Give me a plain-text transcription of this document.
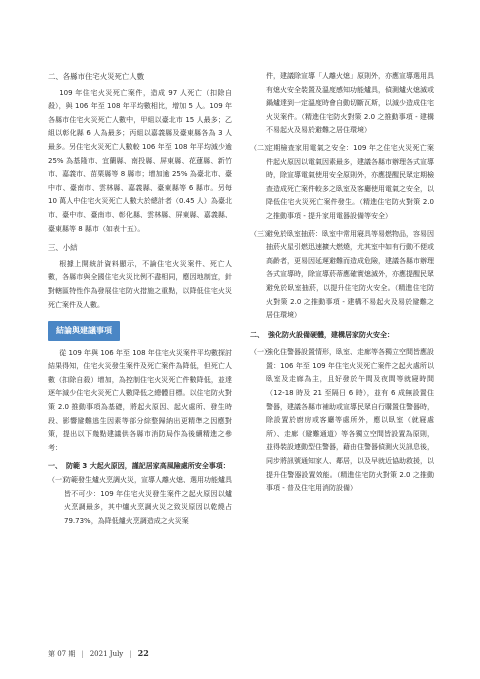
二、各縣市住宅火災死亡人數

109 年住宅火災死亡案件，造成 97 人死亡（扣除自殺），與 106 年至 108 年平均數相比，增加 5 人。109 年各縣市住宅火災死亡人數中，甲組以臺北市 15 人最多；乙組以彰化縣 6 人為最多；丙組以嘉義縣及臺東縣各為 3 人最多。另住宅火災死亡人數較 106 年至 108 年平均減少逾 25% 為基隆市、宜蘭縣、南投縣、屏東縣、花蓮縣、新竹市、嘉義市、苗栗縣等 8 縣市；增加逾 25% 為臺北市、臺中市、臺南市、雲林縣、嘉義縣、臺東縣等 6 縣市。另每 10 萬人中住宅火災死亡人數大於總計者（0.45 人）為臺北市、臺中市、臺南市、彰化縣、雲林縣、屏東縣、嘉義縣、臺東縣等 8 縣市（如表十五）。

三、小結

根據上開統計資料顯示，不論住宅火災案件、死亡人數，各縣市與全國住宅火災比例不盡相同，應因地制宜，針對轄區特性作為發展住宅防火措施之重點，以降低住宅火災死亡案件及人數。

結論與建議事項

從 109 年與 106 年至 108 年住宅火災案件平均數探討結果得知，住宅火災發生案件及死亡案件為降低，但死亡人數（扣除自殺）增加，為控制住宅火災死亡件數降低，並達逐年減少住宅火災死亡人數降低之總體目標。以住宅防火對策 2.0 推動事項為基礎，將起火原因、起火處所、發生時段、影響避難逃生因素等部分綜整歸納出更精準之因應對策，提出以下幾點建議供各縣市消防局作為後續精進之參考：

一、 防範 3 大起火原因，謹記居家高風險處所安全事項：
（一）
防範發生爐火烹調火災，宣導人離火熄、選用功能爐具皆不可少：109 年住宅火災發生案件之起火原因以爐火烹調最多，其中爐火烹調火災之致災原因以乾燒占 79.73%，為降低爐火烹調造成之火災案
件，建議除宣導「人離火熄」原則外，亦應宣導選用具有熄火安全裝置及溫度感知功能爐具，偵測爐火熄滅或鍋爐達到一定溫度時會自動切斷瓦斯，以減少造成住宅火災案件。（精進住宅防火對策 2.0 之推動事項 - 建構不易起火及易於避難之居住環境）
（二）
定期檢查家用電氣之安全：109 年之住宅火災死亡案件起火原因以電氣因素最多，建議各縣市辦理各式宣導時，除宣導電氣使用安全原則外，亦應提醒民眾定期檢查造成死亡案件較多之臥室及客廳使用電氣之安全，以降低住宅火災死亡案件發生。（精進住宅防火對策 2.0 之推動事項 - 提升家用電器設備等安全）
（三）
避免於臥室抽菸：臥室中常用寢具等易燃物品，容易因抽菸火星引燃迅速擴大燃燒，尤其室中如有行動不便或高齡者，更易因延遲避難而造成危險，建議各縣市辦理各式宣導時，除宣導菸蒂應確實熄滅外，亦應提醒民眾避免於臥室抽菸，以提升住宅防火安全。（精進住宅防火對策 2.0 之推動事項 - 建構不易起火及易於避難之居住環境）
二、 強化防火設備硬體，建構居家防火安全：
（一）
強化住警器設置情形，臥室、走廊等各獨立空間皆應設置：106 年至 109 年住宅火災死亡案件之起火處所以臥室及走廊為主，且好發於午間及夜間等就寢時間（12-18 時及 21 至隔日 6 時），並有 6 成無設置住警器，建議各縣市補助或宣導民眾自行購置住警器時，除設置於廚房或客廳等處所外，應以臥室（就寢處所）、走廊（避難通道）等各獨立空間皆設置為原則，並得裝設連動型住警器，藉由住警器偵測火災訊息後，同步將訊號通知家人、鄰居，以及早就近協助救援，以提升住警器設置效能。（精進住宅防火對策 2.0 之推動事項 - 普及住宅用消防設備）
第 07 期 | 2021 July | 22
